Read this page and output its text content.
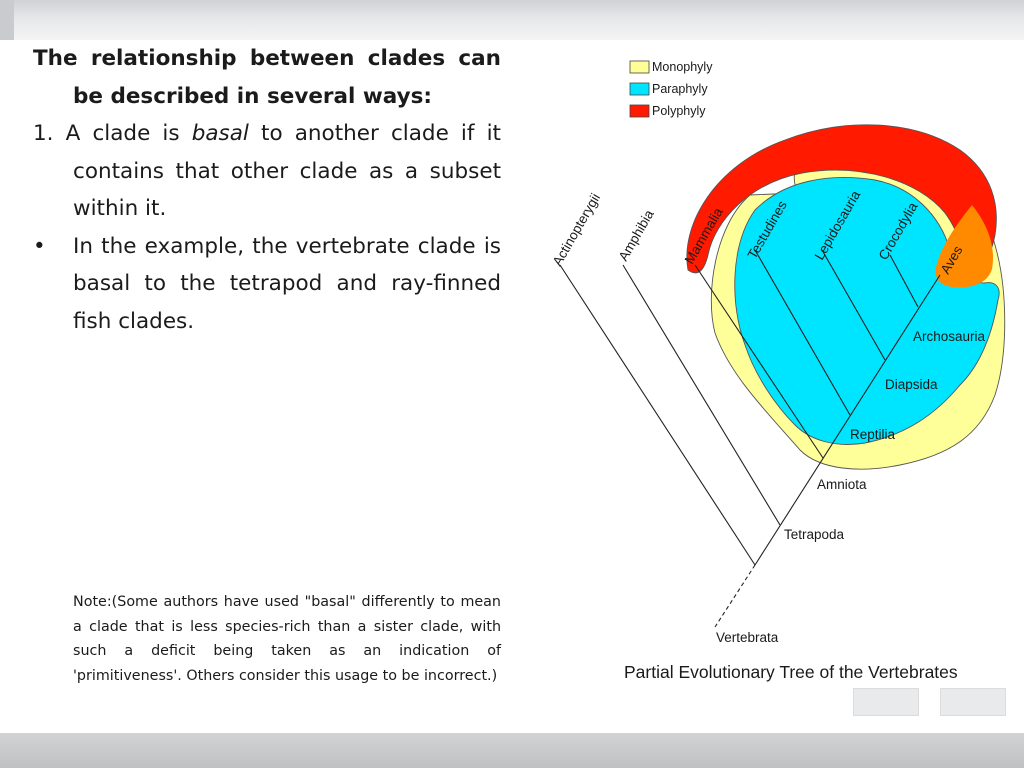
The relationship between clades can be described in several ways:

1. A clade is basal to another clade if it contains that other clade as a subset within it.

•	In the example, the vertebrate clade is basal to the tetrapod and ray-finned fish clades.
Note:(Some authors have used "basal" differently to mean a clade that is less species-rich than a sister clade, with such a deficit being taken as an indication of 'primitiveness'. Others consider this usage to be incorrect.)
Monophyly
Paraphyly
Polyphyly
Actinopterygii Amphibia Mammalia Testudines Lepidosauria Crocodylia Aves
Archosauria
Diapsida
Reptilia
Amniota
Tetrapoda
Vertebrata
Partial Evolutionary Tree of the Vertebrates
